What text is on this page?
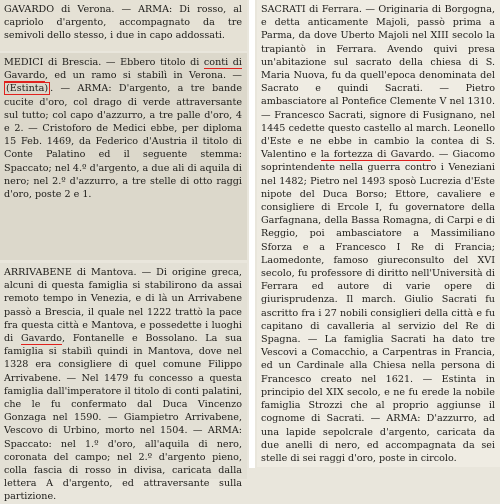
GAVARDO di Verona. — ARMA: Di rosso, al capriolo d'argento, accompagnato da tre semivoli dello stesso, i due in capo addossati.

MEDICI di Brescia. — Ebbero titolo di conti di Gavardo, ed un ramo si stabilì in Verona. — (Estinta) . — ARMA: D'argento, a tre bande cucite d'oro, col drago di verde attraversante sul tutto; col capo d'azzurro, a tre palle d'oro, 4 e 2. — Cristoforo de Medici ebbe, per diploma 15 Feb. 1469, da Federico d'Austria il titolo di Conte Palatino ed il seguente stemma: Spaccato; nel 4.º d'argento, a due ali di aquila di nero; nel 2.º d'azzurro, a tre stelle di otto raggi d'oro, poste 2 e 1.

ARRIVABENE di Mantova. — Di origine greca, alcuni di questa famiglia si stabilirono da assai remoto tempo in Venezia, e di là un Arrivabene passò a Brescia, il quale nel 1222 trattò la pace fra questa città e Mantova, e possedette i luoghi di Gavardo, Fontanelle e Bossolano. La sua famiglia si stabilì quindi in Mantova, dove nel 1328 era consigliere di quel comune Filippo Arrivabene. — Nel 1479 fu concesso a questa famiglia dall'imperatore il titolo di conti palatini, che le fu confermato dal Duca Vincenzo Gonzaga nel 1590. — Giampietro Arrivabene, Vescovo di Urbino, morto nel 1504. — ARMA: Spaccato: nel 1.º d'oro, all'aquila di nero, coronata del campo; nel 2.º d'argento pieno, colla fascia di rosso in divisa, caricata dalla lettera A d'argento, ed attraversante sulla partizione.

SACRATI di Ferrara. — Originaria di Borgogna, e detta anticamente Majoli, passò prima a Parma, da dove Uberto Majoli nel XIII secolo la trapiantò in Ferrara. Avendo quivi presa un'abitazione sul sacrato della chiesa di S. Maria Nuova, fu da quell'epoca denominata del Sacrato e quindi Sacrati. — Pietro ambasciatore al Pontefice Clemente V nel 1310. — Francesco Sacrati, signore di Fusignano, nel 1445 cedette questo castello al march. Leonello d'Este e ne ebbe in cambio la contea di S. Valentino e la fortezza di Gavardo. — Giacomo soprintendente nella guerra contro i Veneziani nel 1482; Pietro nel 1493 sposò Lucrezia d'Este nipote del Duca Borso; Ettore, cavaliere e consigliere di Ercole I, fu governatore della Garfagnana, della Bassa Romagna, di Carpi e di Reggio, poi ambasciatore a Massimiliano Sforza e a Francesco I Re di Francia; Laomedonte, famoso giureconsulto del XVI secolo, fu professore di diritto nell'Università di Ferrara ed autore di varie opere di giurisprudenza. Il march. Giulio Sacrati fu ascritto fra i 27 nobili consiglieri della città e fu capitano di cavalleria al servizio del Re di Spagna. — La famiglia Sacrati ha dato tre Vescovi a Comacchio, a Carpentras in Francia, ed un Cardinale alla Chiesa nella persona di Francesco creato nel 1621. — Estinta in principio del XIX secolo, e ne fu erede la nobile famiglia Strozzi che al proprio aggiunse il cognome di Sacrati. — ARMA: D'azzurro, ad una lapide sepolcrale d'argento, caricata da due anelli di nero, ed accompagnata da sei stelle di sei raggi d'oro, poste in circolo.
